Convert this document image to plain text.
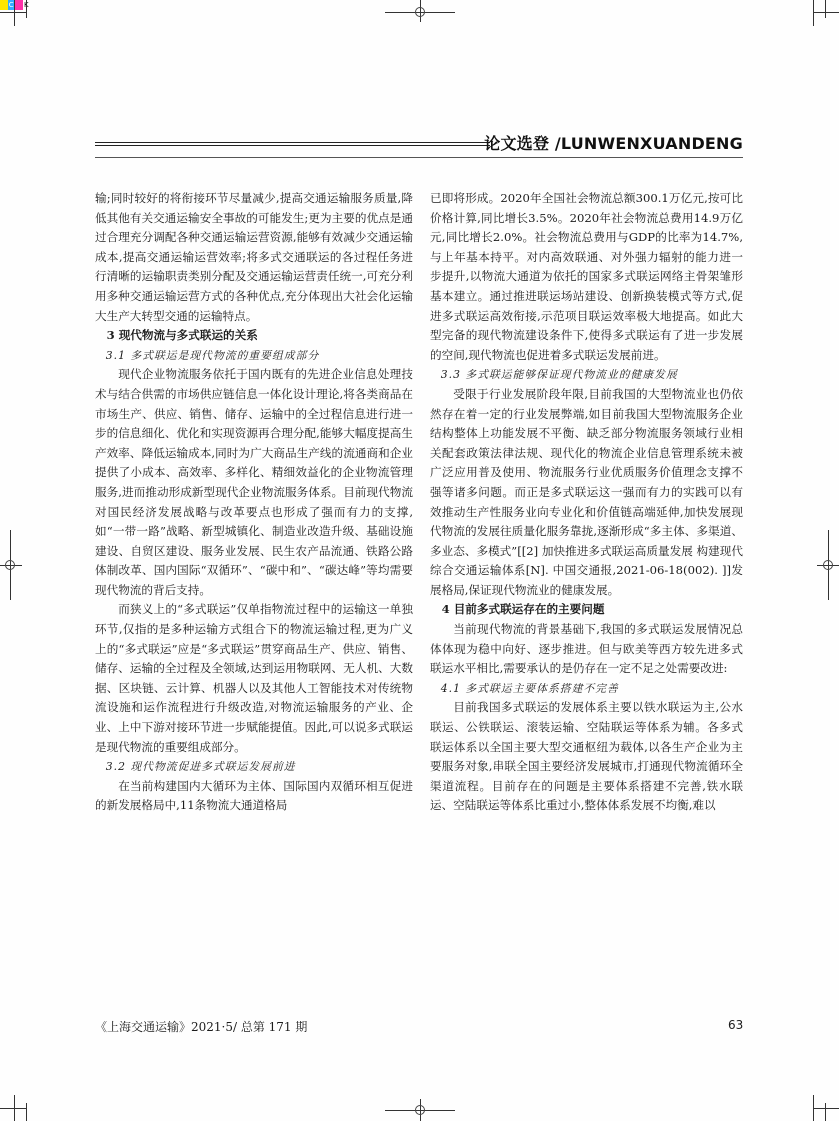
C K
论文选登 /LUNWENXUANDENG

输;同时较好的将衔接环节尽量减少,提高交通运输服务质量,降低其他有关交通运输安全事故的可能发生;更为主要的优点是通过合理充分调配各种交通运输运营资源,能够有效减少交通运输成本,提高交通运输运营效率;将多式交通联运的各过程任务进行清晰的运输职责类别分配及交通运输运营责任统一,可充分利用多种交通运输运营方式的各种优点,充分体现出大社会化运输大生产大转型交通的运输特点。

3 现代物流与多式联运的关系

3.1 多式联运是现代物流的重要组成部分

现代企业物流服务依托于国内既有的先进企业信息处理技术与结合供需的市场供应链信息一体化设计理论,将各类商品在市场生产、供应、销售、储存、运输中的全过程信息进行进一步的信息细化、优化和实现资源再合理分配,能够大幅度提高生产效率、降低运输成本,同时为广大商品生产线的流通商和企业提供了小成本、高效率、多样化、精细效益化的企业物流管理服务,进而推动形成新型现代企业物流服务体系。目前现代物流对国民经济发展战略与改革要点也形成了强而有力的支撑,如“一带一路”战略、新型城镇化、制造业改造升级、基础设施建设、自贸区建设、服务业发展、民生农产品流通、铁路公路体制改革、国内国际“双循环”、“碳中和”、“碳达峰”等均需要现代物流的背后支持。

而狭义上的“多式联运”仅单指物流过程中的运输这一单独环节,仅指的是多种运输方式组合下的物流运输过程,更为广义上的“多式联运”应是“多式联运”贯穿商品生产、供应、销售、储存、运输的全过程及全领域,达到运用物联网、无人机、大数据、区块链、云计算、机器人以及其他人工智能技术对传统物流设施和运作流程进行升级改造,对物流运输服务的产业、企业、上中下游对接环节进一步赋能提值。因此,可以说多式联运是现代物流的重要组成部分。

3.2 现代物流促进多式联运发展前进

在当前构建国内大循环为主体、国际国内双循环相互促进的新发展格局中,11条物流大通道格局

已即将形成。2020年全国社会物流总额300.1万亿元,按可比价格计算,同比增长3.5%。2020年社会物流总费用14.9万亿元,同比增长2.0%。社会物流总费用与GDP的比率为14.7%,与上年基本持平。对内高效联通、对外强力辐射的能力进一步提升,以物流大通道为依托的国家多式联运网络主骨架雏形基本建立。通过推进联运场站建设、创新换装模式等方式,促进多式联运高效衔接,示范项目联运效率极大地提高。如此大型完备的现代物流建设条件下,使得多式联运有了进一步发展的空间,现代物流也促进着多式联运发展前进。

3.3 多式联运能够保证现代物流业的健康发展

受限于行业发展阶段年限,目前我国的大型物流业也仍依然存在着一定的行业发展弊端,如目前我国大型物流服务企业结构整体上功能发展不平衡、缺乏部分物流服务领域行业相关配套政策法律法规、现代化的物流企业信息管理系统未被广泛应用普及使用、物流服务行业优质服务价值理念支撑不强等诸多问题。而正是多式联运这一强而有力的实践可以有效推动生产性服务业向专业化和价值链高端延伸,加快发展现代物流的发展往质量化服务靠拢,逐渐形成“多主体、多渠道、多业态、多模式”[[2] 加快推进多式联运高质量发展 构建现代综合交通运输体系[N]. 中国交通报,2021-06-18(002). ]]发展格局,保证现代物流业的健康发展。

4 目前多式联运存在的主要问题

当前现代物流的背景基础下,我国的多式联运发展情况总体体现为稳中向好、逐步推进。但与欧美等西方较先进多式联运水平相比,需要承认的是仍存在一定不足之处需要改进:

4.1 多式联运主要体系搭建不完善

目前我国多式联运的发展体系主要以铁水联运为主,公水联运、公铁联运、滚装运输、空陆联运等体系为辅。各多式联运体系以全国主要大型交通枢纽为载体,以各生产企业为主要服务对象,串联全国主要经济发展城市,打通现代物流循环全渠道流程。目前存在的问题是主要体系搭建不完善,铁水联运、空陆联运等体系比重过小,整体体系发展不均衡,难以

《上海交通运输》2021·5/ 总第 171 期	63
